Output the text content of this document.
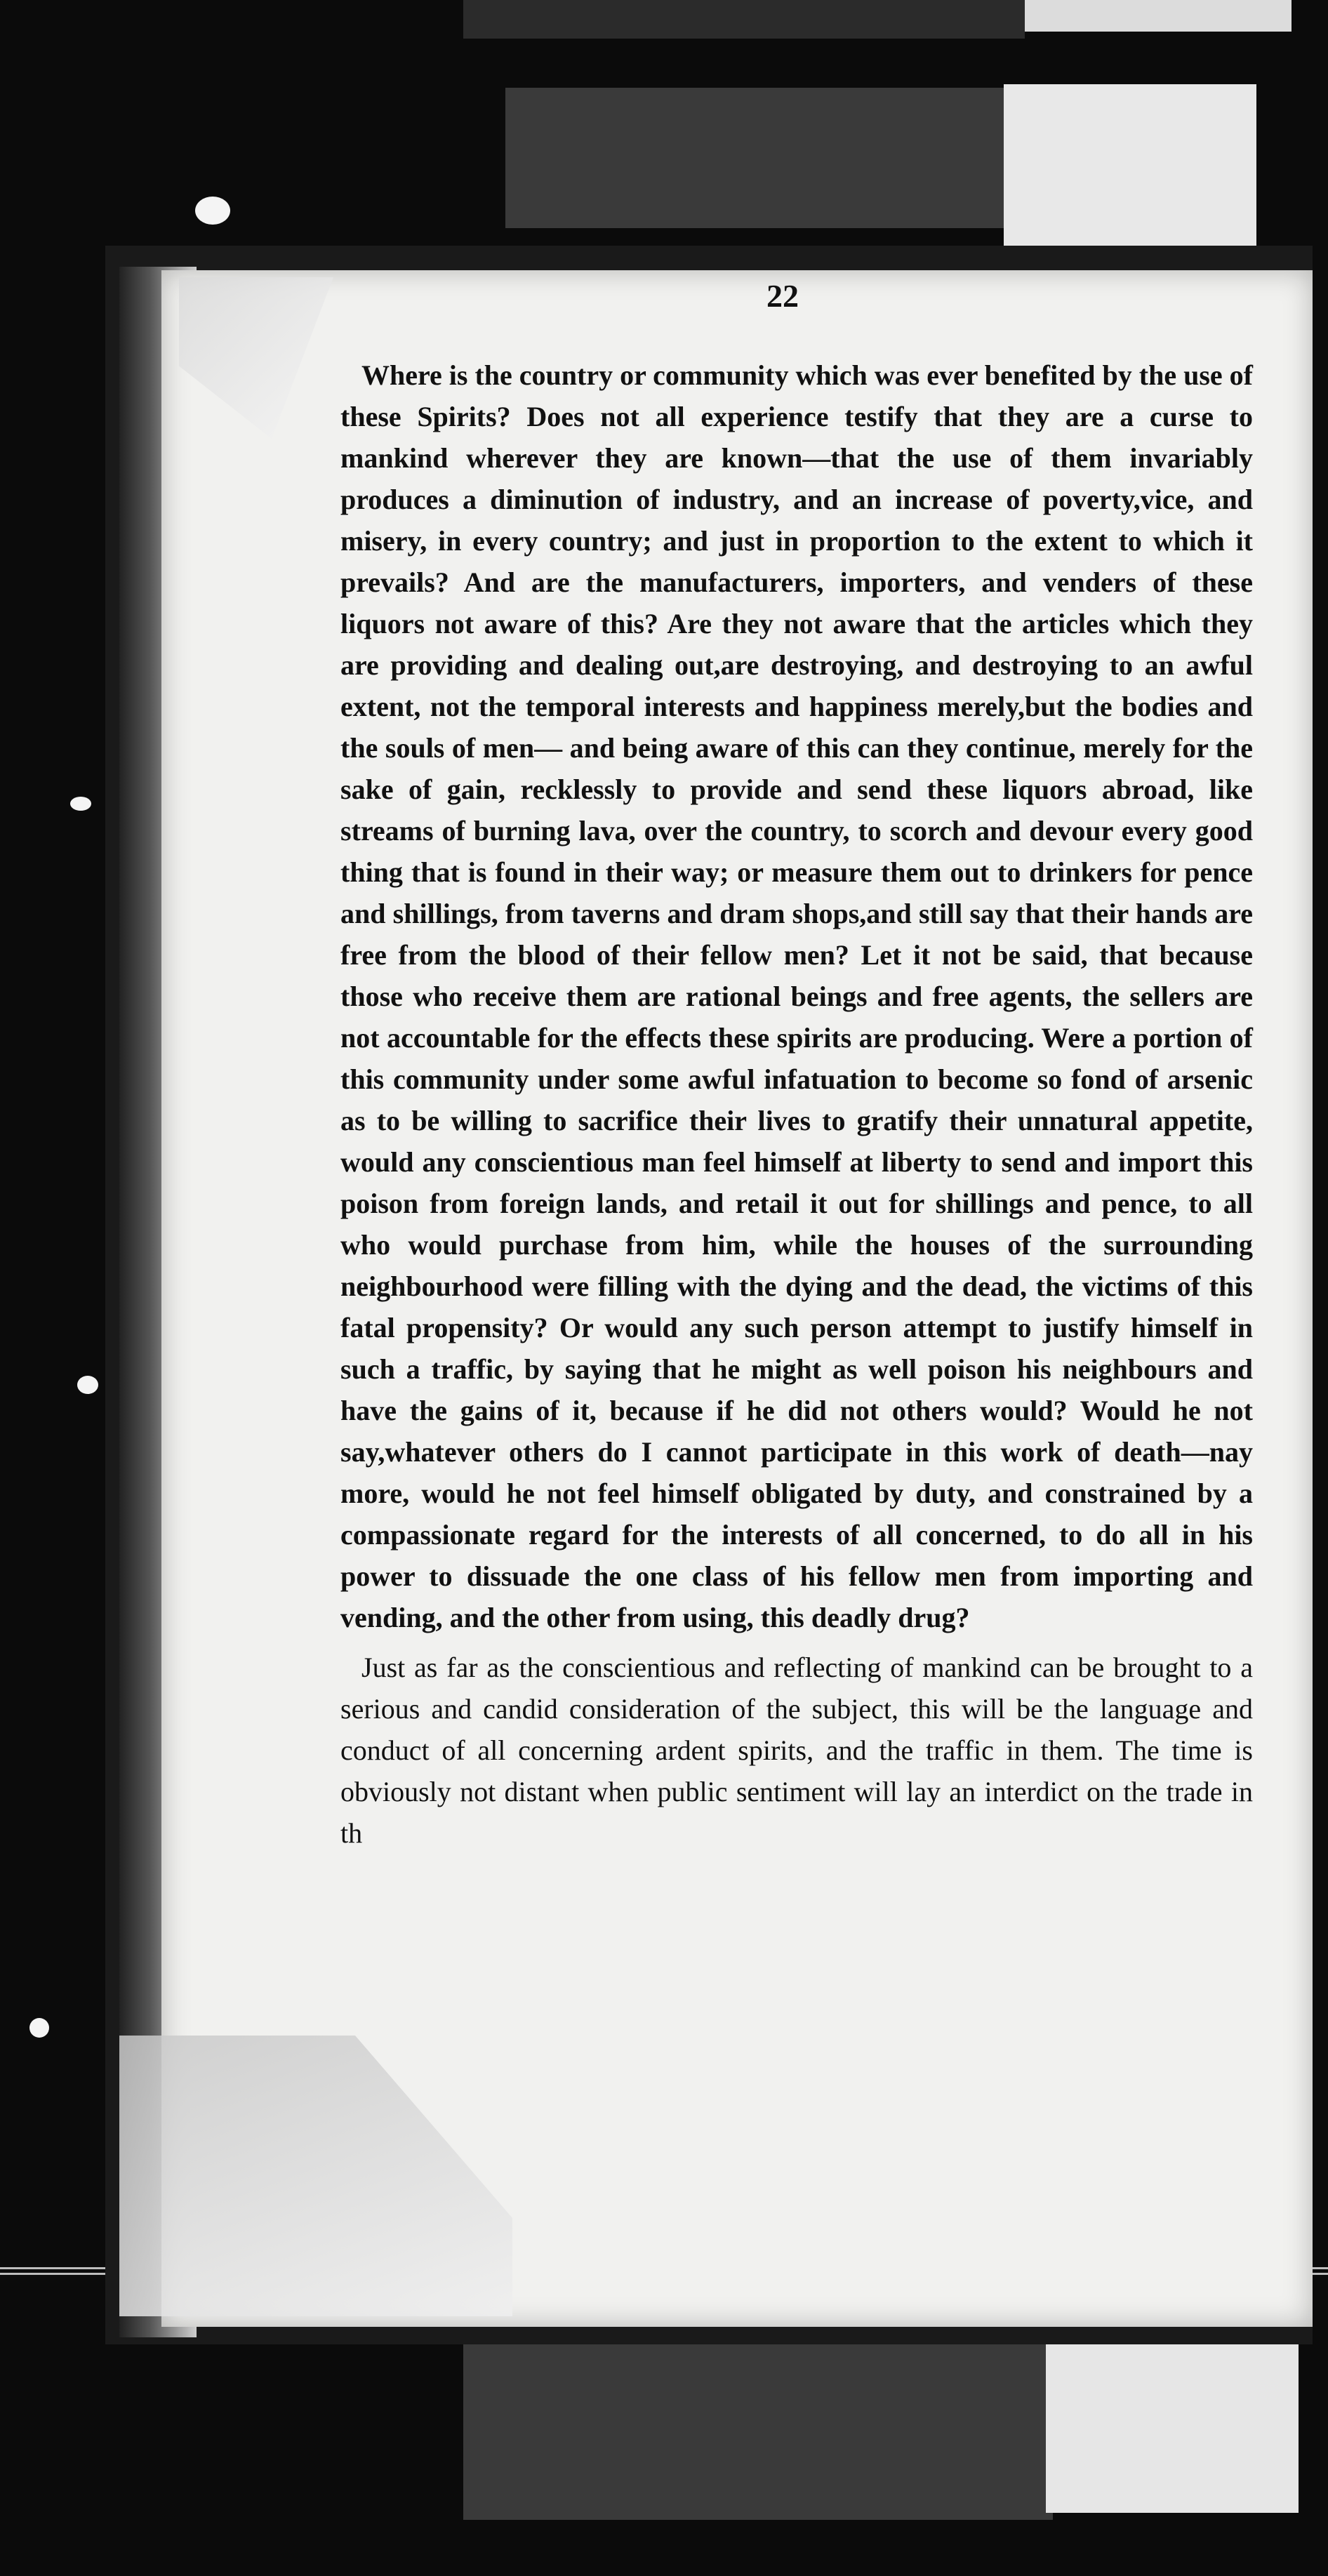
22

Where is the country or community which was ever benefited by the use of these Spirits? Does not all experience testify that they are a curse to mankind wherever they are known—that the use of them invariably produces a diminution of industry, and an increase of poverty,vice, and misery, in every country; and just in proportion to the extent to which it prevails? And are the manufacturers, importers, and venders of these liquors not aware of this? Are they not aware that the articles which they are providing and dealing out,are destroying, and destroying to an awful extent, not the temporal interests and happiness merely,but the bodies and the souls of men— and being aware of this can they continue, merely for the sake of gain, recklessly to provide and send these liquors abroad, like streams of burning lava, over the country, to scorch and devour every good thing that is found in their way; or measure them out to drinkers for pence and shillings, from taverns and dram shops,and still say that their hands are free from the blood of their fellow men? Let it not be said, that because those who receive them are rational beings and free agents, the sellers are not accountable for the effects these spirits are producing. Were a portion of this community under some awful infatuation to become so fond of arsenic as to be willing to sacrifice their lives to gratify their unnatural appetite, would any conscientious man feel himself at liberty to send and import this poison from foreign lands, and retail it out for shillings and pence, to all who would purchase from him, while the houses of the surrounding neighbourhood were filling with the dying and the dead, the victims of this fatal propensity? Or would any such person attempt to justify himself in such a traffic, by saying that he might as well poison his neighbours and have the gains of it, because if he did not others would? Would he not say,whatever others do I cannot participate in this work of death—nay more, would he not feel himself obligated by duty, and constrained by a compassionate regard for the interests of all concerned, to do all in his power to dissuade the one class of his fellow men from importing and vending, and the other from using, this deadly drug?

Just as far as the conscientious and reflecting of mankind can be brought to a serious and candid consideration of the subject, this will be the language and conduct of all concerning ardent spirits, and the traffic in them. The time is obviously not distant when public sentiment will lay an interdict on the trade in th
